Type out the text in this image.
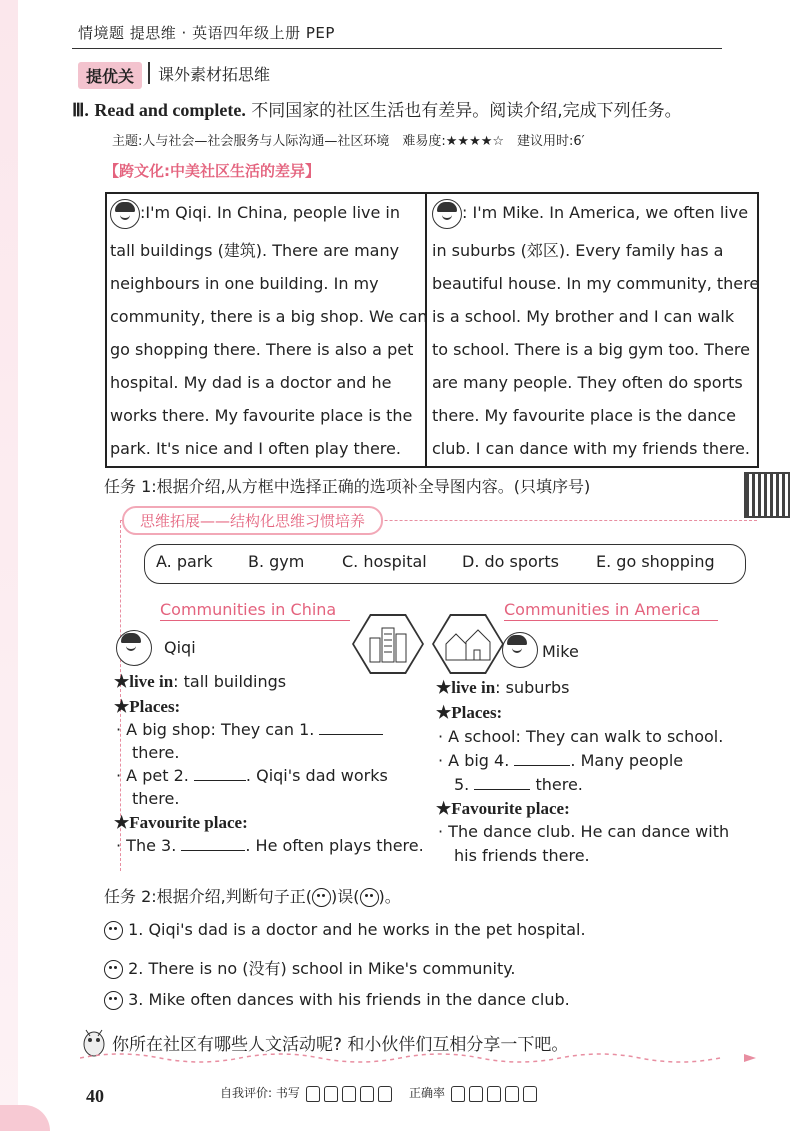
情境题 提思维 · 英语四年级上册 PEP
提优关	课外素材拓思维
Ⅲ. Read and complete. 不同国家的社区生活也有差异。阅读介绍,完成下列任务。
主题:人与社会—社会服务与人际沟通—社区环境　难易度:★★★★☆　建议用时:6′
【跨文化:中美社区生活的差异】
:I'm Qiqi. In China, people live in
tall buildings (建筑). There are many
neighbours in one building. In my
community, there is a big shop. We can
go shopping there. There is also a pet
hospital. My dad is a doctor and he
works there. My favourite place is the
park. It's nice and I often play there.
: I'm Mike. In America, we often live
in suburbs (郊区). Every family has a
beautiful house. In my community, there
is a school. My brother and I can walk
to school. There is a big gym too. There
are many people. They often do sports
there. My favourite place is the dance
club. I can dance with my friends there.
任务 1:根据介绍,从方框中选择正确的选项补全导图内容。(只填序号)
思维拓展——结构化思维习惯培养
A. park B. gym C. hospital D. do sports E. go shopping
Communities in China	Communities in America
Qiqi
★live in: tall buildings
★Places:
· A big shop: They can 1.
there.
· A pet 2.	. Qiqi's dad works
there.
★Favourite place:
· The 3.	. He often plays there.
Mike
★live in: suburbs
★Places:
· A school: They can walk to school.
· A big 4.	. Many people
5.	there.
★Favourite place:
· The dance club. He can dance with
his friends there.
任务 2:根据介绍,判断句子正( )误( )。
1. Qiqi's dad is a doctor and he works in the pet hospital.
2. There is no (没有) school in Mike's community.
3. Mike often dances with his friends in the dance club.
你所在社区有哪些人文活动呢? 和小伙伴们互相分享一下吧。
40	自我评价: 书写	正确率
